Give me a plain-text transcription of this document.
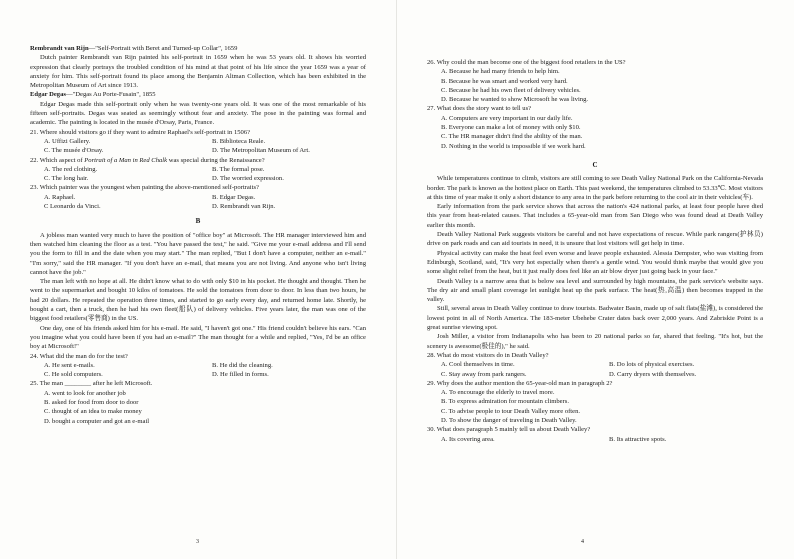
Rembrandt van Rijn—"Self-Portrait with Beret and Turned-up Collar", 1659

Dutch painter Rembrandt van Rijn painted his self-portrait in 1659 when he was 53 years old. It shows his worried expression that clearly portrays the troubled condition of his mind at that point of his life since the year 1659 was a year of anxiety for him. This self-portrait found its place among the Benjamin Altman Collection, which has been exhibited in the Metropolitan Museum of Art since 1913.

Edgar Degas—"Degas Au Porte-Fusain", 1855

Edgar Degas made this self-portrait only when he was twenty-one years old. It was one of the most remarkable of his fifteen self-portraits. Degas was seated as seemingly without fear and anxiety. The pose in the painting was formal and academic. The painting is located in the musée d'Orsay, Paris, France.

21. Where should visitors go if they want to admire Raphael's self-portrait in 1506?

A. Uffizi Gallery.	B. Biblioteca Reale.
C. The musée d'Orsay.	D. The Metropolitan Museum of Art.

22. Which aspect of Portrait of a Man in Red Chalk was special during the Renaissance?

A. The red clothing.	B. The formal pose.
C. The long hair.	D. The worried expression.

23. Which painter was the youngest when painting the above-mentioned self-portraits?

A. Raphael.	B. Edgar Degas.
C Leonardo da Vinci.	D. Rembrandt van Rijn.
B

A jobless man wanted very much to have the position of "office boy" at Microsoft. The HR manager interviewed him and then watched him cleaning the floor as a test. "You have passed the test," he said. "Give me your e-mail address and I'll send you the form to fill in and the date when you may start." The man replied, "But I don't have a computer, neither an e-mail." "I'm sorry," said the HR manager. "If you don't have an e-mail, that means you are not living. And anyone who isn't living cannot have the job."

The man left with no hope at all. He didn't know what to do with only $10 in his pocket. He thought and thought. Then he went to the supermarket and bought 10 kilos of tomatoes. He sold the tomatoes from door to door. In less than two hours, he had 20 dollars. He repeated the operation three times, and started to go early every day, and returned home late. Shortly, he bought a cart, then a truck, then he had his own fleet(船队) of delivery vehicles. Five years later, the man was one of the biggest food retailers(零售商) in the US.

One day, one of his friends asked him for his e-mail. He said, "I haven't got one." His friend couldn't believe his ears. "Can you imagine what you could have been if you had an e-mail?" The man thought for a while and replied, "Yes, I'd be an office boy at Microsoft!"

24. What did the man do for the test?

A. He sent e-mails.	B. He did the cleaning.
C. He sold computers.	D. He filled in forms.

25. The man ________ after he left Microsoft.

A. went to look for another job
B. asked for food from door to door
C. thought of an idea to make money
D. bought a computer and got an e-mail
3

26. Why could the man become one of the biggest food retailers in the US?

A. Because he had many friends to help him.
B. Because he was smart and worked very hard.
C. Because he had his own fleet of delivery vehicles.
D. Because he wanted to show Microsoft he was living.

27. What does the story want to tell us?

A. Computers are very important in our daily life.
B. Everyone can make a lot of money with only $10.
C. The HR manager didn't find the ability of the man.
D. Nothing in the world is impossible if we work hard.
C

While temperatures continue to climb, visitors are still coming to see Death Valley National Park on the California-Nevada border. The park is known as the hottest place on Earth. This past weekend, the temperatures climbed to 53.33℃. Most visitors at this time of year make it only a short distance to any area in the park before returning to the cool air in their vehicles(车).

Early information from the park service shows that across the nation's 424 national parks, at least four people have died this year from heat-related causes. That includes a 65-year-old man from San Diego who was found dead at Death Valley earlier this month.

Death Valley National Park suggests visitors be careful and not have expectations of rescue. While park rangers(护林员) drive on park roads and can aid tourists in need, it is unsure that lost visitors will get help in time.

Physical activity can make the heat feel even worse and leave people exhausted. Alessia Dempster, who was visiting from Edinburgh, Scotland, said, "It's very hot especially when there's a gentle wind. You would think maybe that would give you some slight relief from the heat, but it just really does feel like an air blow dryer just going back in your face."

Death Valley is a narrow area that is below sea level and surrounded by high mountains, the park service's website says. The dry air and small plant coverage let sunlight heat up the park surface. The heat(热,高温) then becomes trapped in the valley.

Still, several areas in Death Valley continue to draw tourists. Badwater Basin, made up of salt flats(盐滩), is considered the lowest point in all of North America. The 183-meter Ubehebe Crater dates back over 2,000 years. And Zabriskie Point is a great sunrise viewing spot.

Josh Miller, a visitor from Indianapolis who has been to 20 national parks so far, shared that feeling. "It's hot, but the scenery is awesome(极佳的)," he said.

28. What do most visitors do in Death Valley?

A. Cool themselves in time.	B. Do lots of physical exercises.
C. Stay away from park rangers.	D. Carry dryers with themselves.

29. Why does the author mention the 65-year-old man in paragraph 2?

A. To encourage the elderly to travel more.
B. To express admiration for mountain climbers.
C. To advise people to tour Death Valley more often.
D. To show the danger of traveling in Death Valley.

30. What does paragraph 5 mainly tell us about Death Valley?

A. Its covering area.	B. Its attractive spots.
4
